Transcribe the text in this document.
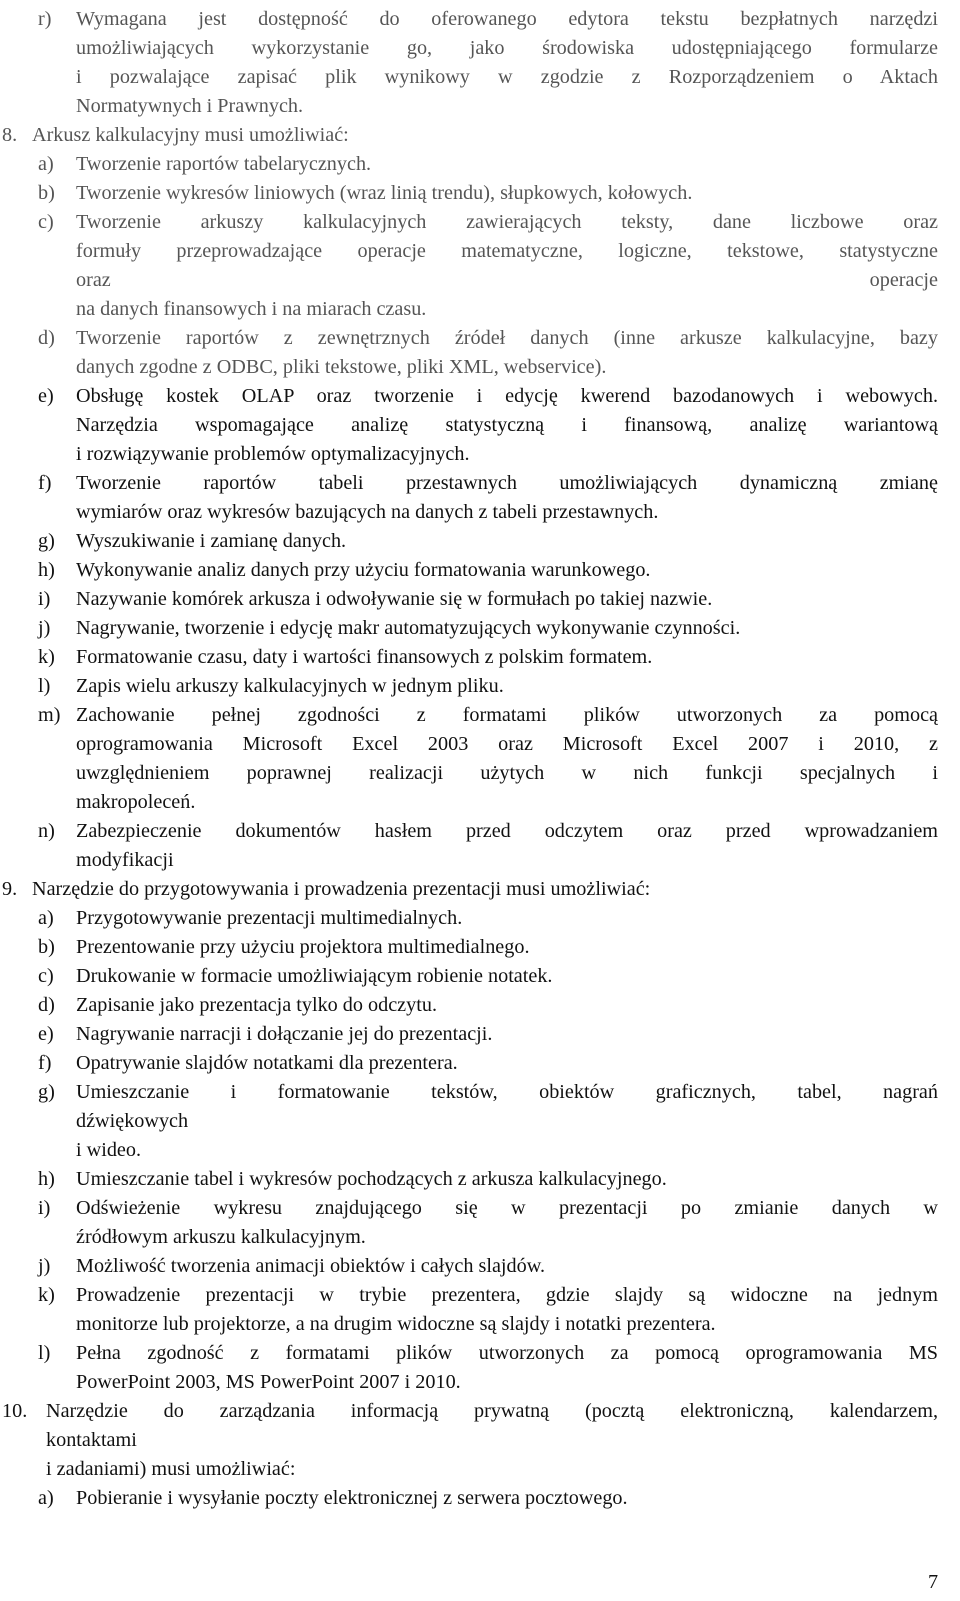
r) Wymagana jest dostępność do oferowanego edytora tekstu bezpłatnych narzędzi
umożliwiających wykorzystanie go, jako środowiska udostępniającego formularze
i pozwalające zapisać plik wynikowy w zgodzie z Rozporządzeniem o Aktach
Normatywnych i Prawnych.
8. Arkusz kalkulacyjny musi umożliwiać:
a) Tworzenie raportów tabelarycznych.
b) Tworzenie wykresów liniowych (wraz linią trendu), słupkowych, kołowych.
c) Tworzenie arkuszy kalkulacyjnych zawierających teksty, dane liczbowe oraz
formuły przeprowadzające operacje matematyczne, logiczne, tekstowe, statystyczne
oraz operacje
na danych finansowych i na miarach czasu.
d) Tworzenie raportów z zewnętrznych źródeł danych (inne arkusze kalkulacyjne, bazy
danych zgodne z ODBC, pliki tekstowe, pliki XML, webservice).
e) Obsługę kostek OLAP oraz tworzenie i edycję kwerend bazodanowych i webowych.
Narzędzia wspomagające analizę statystyczną i finansową, analizę wariantową
i rozwiązywanie problemów optymalizacyjnych.
f) Tworzenie raportów tabeli przestawnych umożliwiających dynamiczną zmianę
wymiarów oraz wykresów bazujących na danych z tabeli przestawnych.
g) Wyszukiwanie i zamianę danych.
h) Wykonywanie analiz danych przy użyciu formatowania warunkowego.
i) Nazywanie komórek arkusza i odwoływanie się w formułach po takiej nazwie.
j) Nagrywanie, tworzenie i edycję makr automatyzujących wykonywanie czynności.
k) Formatowanie czasu, daty i wartości finansowych z polskim formatem.
l) Zapis wielu arkuszy kalkulacyjnych w jednym pliku.
m) Zachowanie pełnej zgodności z formatami plików utworzonych za pomocą
oprogramowania Microsoft Excel 2003 oraz Microsoft Excel 2007 i 2010, z
uwzględnieniem poprawnej realizacji użytych w nich funkcji specjalnych i
makropoleceń.
n) Zabezpieczenie dokumentów hasłem przed odczytem oraz przed wprowadzaniem
modyfikacji
9. Narzędzie do przygotowywania i prowadzenia prezentacji musi umożliwiać:
a) Przygotowywanie prezentacji multimedialnych.
b) Prezentowanie przy użyciu projektora multimedialnego.
c) Drukowanie w formacie umożliwiającym robienie notatek.
d) Zapisanie jako prezentacja tylko do odczytu.
e) Nagrywanie narracji i dołączanie jej do prezentacji.
f) Opatrywanie slajdów notatkami dla prezentera.
g) Umieszczanie i formatowanie tekstów, obiektów graficznych, tabel, nagrań
dźwiękowych
i wideo.
h) Umieszczanie tabel i wykresów pochodzących z arkusza kalkulacyjnego.
i) Odświeżenie wykresu znajdującego się w prezentacji po zmianie danych w
źródłowym arkuszu kalkulacyjnym.
j) Możliwość tworzenia animacji obiektów i całych slajdów.
k) Prowadzenie prezentacji w trybie prezentera, gdzie slajdy są widoczne na jednym
monitorze lub projektorze, a na drugim widoczne są slajdy i notatki prezentera.
l) Pełna zgodność z formatami plików utworzonych za pomocą oprogramowania MS
PowerPoint 2003, MS PowerPoint 2007 i 2010.
10. Narzędzie do zarządzania informacją prywatną (pocztą elektroniczną, kalendarzem,
kontaktami
i zadaniami) musi umożliwiać:
a) Pobieranie i wysyłanie poczty elektronicznej z serwera pocztowego.
7
